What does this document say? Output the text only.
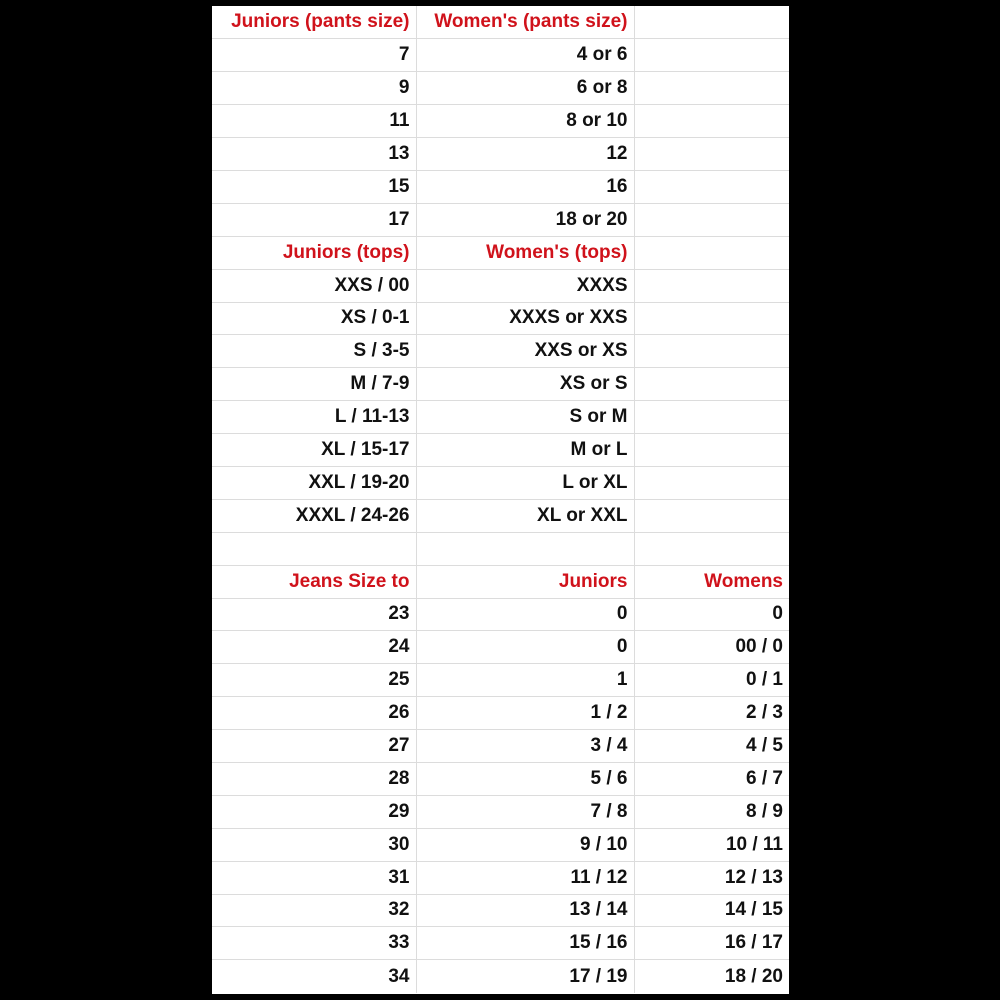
Juniors (pants size)	Women's (pants size)	
7	4 or 6	
9	6 or 8	
11	8 or 10	
13	12	
15	16	
17	18 or 20	
Juniors (tops)	Women's (tops)	
XXS / 00	XXXS	
XS / 0-1	XXXS or XXS	
S / 3-5	XXS or XS	
M / 7-9	XS or S	
L / 11-13	S or M	
XL / 15-17	M or L	
XXL / 19-20	L or XL	
XXXL / 24-26	XL or XXL	

Jeans Size to	Juniors	Womens
23	0	0
24	0	00 / 0
25	1	0 / 1
26	1 / 2	2 / 3
27	3 / 4	4 / 5
28	5 / 6	6 / 7
29	7 / 8	8 / 9
30	9 / 10	10 / 11
31	11 / 12	12 / 13
32	13 / 14	14 / 15
33	15 / 16	16 / 17
34	17 / 19	18 / 20
